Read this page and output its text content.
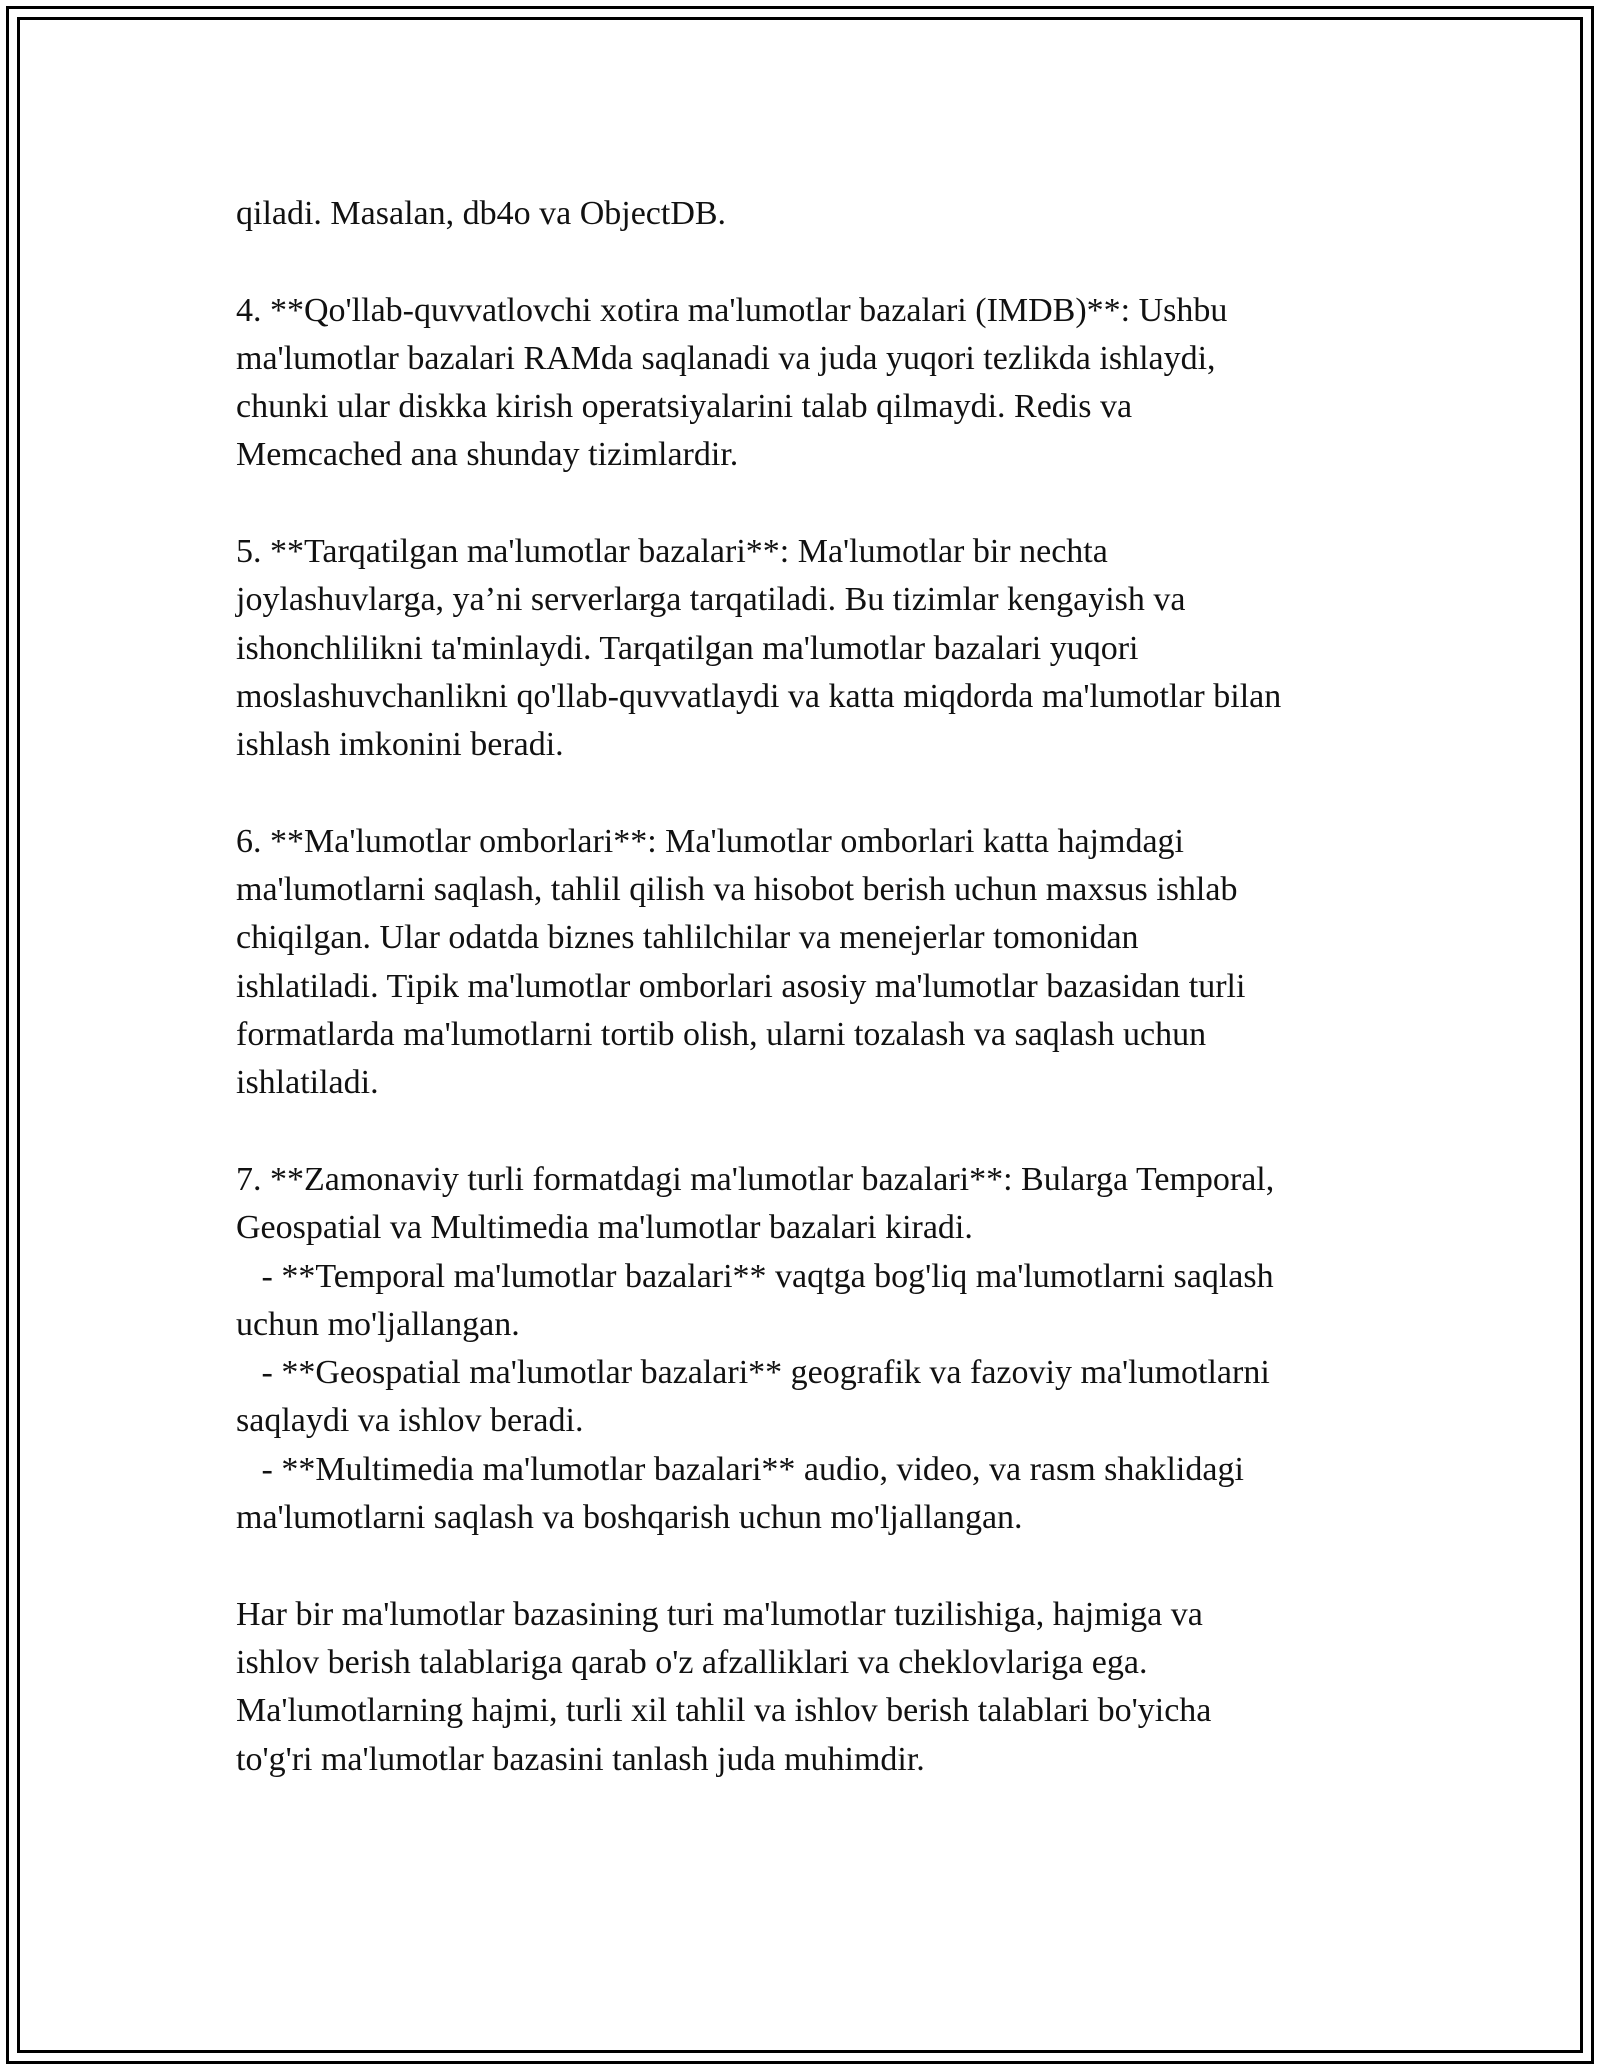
qiladi. Masalan, db4o va ObjectDB.

4. **Qo'llab-quvvatlovchi xotira ma'lumotlar bazalari (IMDB)**: Ushbu

ma'lumotlar bazalari RAMda saqlanadi va juda yuqori tezlikda ishlaydi,

chunki ular diskka kirish operatsiyalarini talab qilmaydi. Redis va

Memcached ana shunday tizimlardir.

5. **Tarqatilgan ma'lumotlar bazalari**: Ma'lumotlar bir nechta

joylashuvlarga, ya’ni serverlarga tarqatiladi. Bu tizimlar kengayish va

ishonchlilikni ta'minlaydi. Tarqatilgan ma'lumotlar bazalari yuqori

moslashuvchanlikni qo'llab-quvvatlaydi va katta miqdorda ma'lumotlar bilan

ishlash imkonini beradi.

6. **Ma'lumotlar omborlari**: Ma'lumotlar omborlari katta hajmdagi

ma'lumotlarni saqlash, tahlil qilish va hisobot berish uchun maxsus ishlab

chiqilgan. Ular odatda biznes tahlilchilar va menejerlar tomonidan

ishlatiladi. Tipik ma'lumotlar omborlari asosiy ma'lumotlar bazasidan turli

formatlarda ma'lumotlarni tortib olish, ularni tozalash va saqlash uchun

ishlatiladi.

7. **Zamonaviy turli formatdagi ma'lumotlar bazalari**: Bularga Temporal,

Geospatial va Multimedia ma'lumotlar bazalari kiradi.

- **Temporal ma'lumotlar bazalari** vaqtga bog'liq ma'lumotlarni saqlash

uchun mo'ljallangan.

- **Geospatial ma'lumotlar bazalari** geografik va fazoviy ma'lumotlarni

saqlaydi va ishlov beradi.

- **Multimedia ma'lumotlar bazalari** audio, video, va rasm shaklidagi

ma'lumotlarni saqlash va boshqarish uchun mo'ljallangan.

Har bir ma'lumotlar bazasining turi ma'lumotlar tuzilishiga, hajmiga va

ishlov berish talablariga qarab o'z afzalliklari va cheklovlariga ega.

Ma'lumotlarning hajmi, turli xil tahlil va ishlov berish talablari bo'yicha

to'g'ri ma'lumotlar bazasini tanlash juda muhimdir.
